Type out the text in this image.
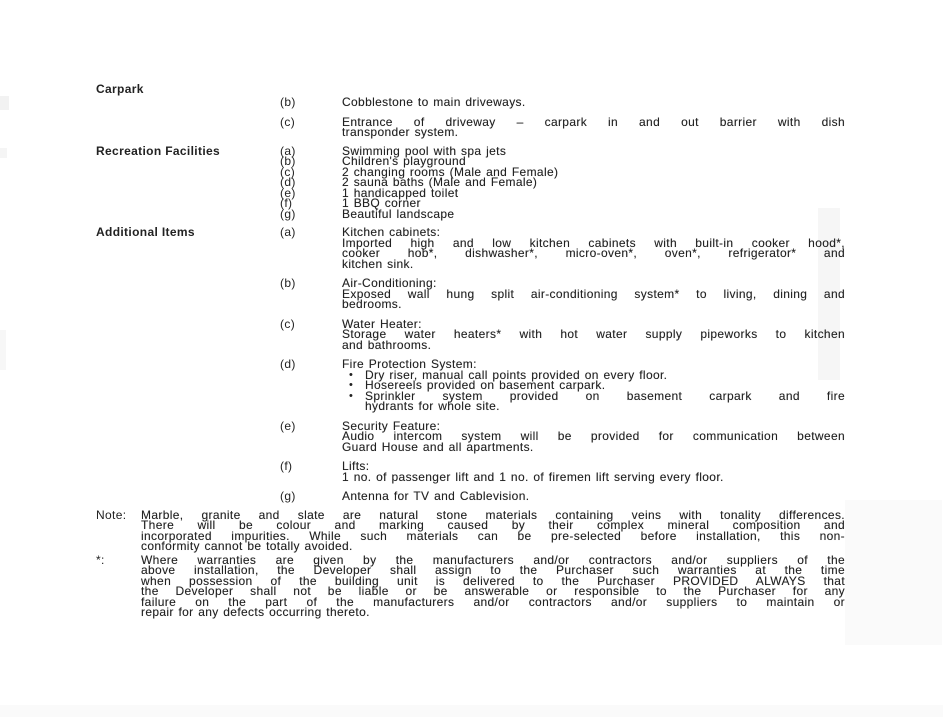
Carpark
(b)	Cobblestone to main driveways.
(c)	Entrance of driveway – carpark in and out barrier with dish
transponder system.
Recreation Facilities	(a)	Swimming pool with spa jets
(b)	Children's playground
(c)	2 changing rooms (Male and Female)
(d)	2 sauna baths (Male and Female)
(e)	1 handicapped toilet
(f)	1 BBQ corner
(g)	Beautiful landscape
Additional Items	(a)	Kitchen cabinets:
Imported high and low kitchen cabinets with built-in cooker hood*,
cooker hob*, dishwasher*, micro-oven*, oven*, refrigerator* and
kitchen sink.
(b)	Air-Conditioning:
Exposed wall hung split air-conditioning system* to living, dining and
bedrooms.
(c)	Water Heater:
Storage water heaters* with hot water supply pipeworks to kitchen
and bathrooms.
(d)	Fire Protection System:
•	Dry riser, manual call points provided on every floor.
•	Hosereels provided on basement carpark.
•	Sprinkler system provided on basement carpark and fire
hydrants for whole site.
(e)	Security Feature:
Audio intercom system will be provided for communication between
Guard House and all apartments.
(f)	Lifts:
1 no. of passenger lift and 1 no. of firemen lift serving every floor.
(g)	Antenna for TV and Cablevision.
Note:	Marble, granite and slate are natural stone materials containing veins with tonality differences.
There will be colour and marking caused by their complex mineral composition and
incorporated impurities. While such materials can be pre-selected before installation, this non-
conformity cannot be totally avoided.
*:	Where warranties are given by the manufacturers and/or contractors and/or suppliers of the
above installation, the Developer shall assign to the Purchaser such warranties at the time
when possession of the building unit is delivered to the Purchaser PROVIDED ALWAYS that
the Developer shall not be liable or be answerable or responsible to the Purchaser for any
failure on the part of the manufacturers and/or contractors and/or suppliers to maintain or
repair for any defects occurring thereto.
